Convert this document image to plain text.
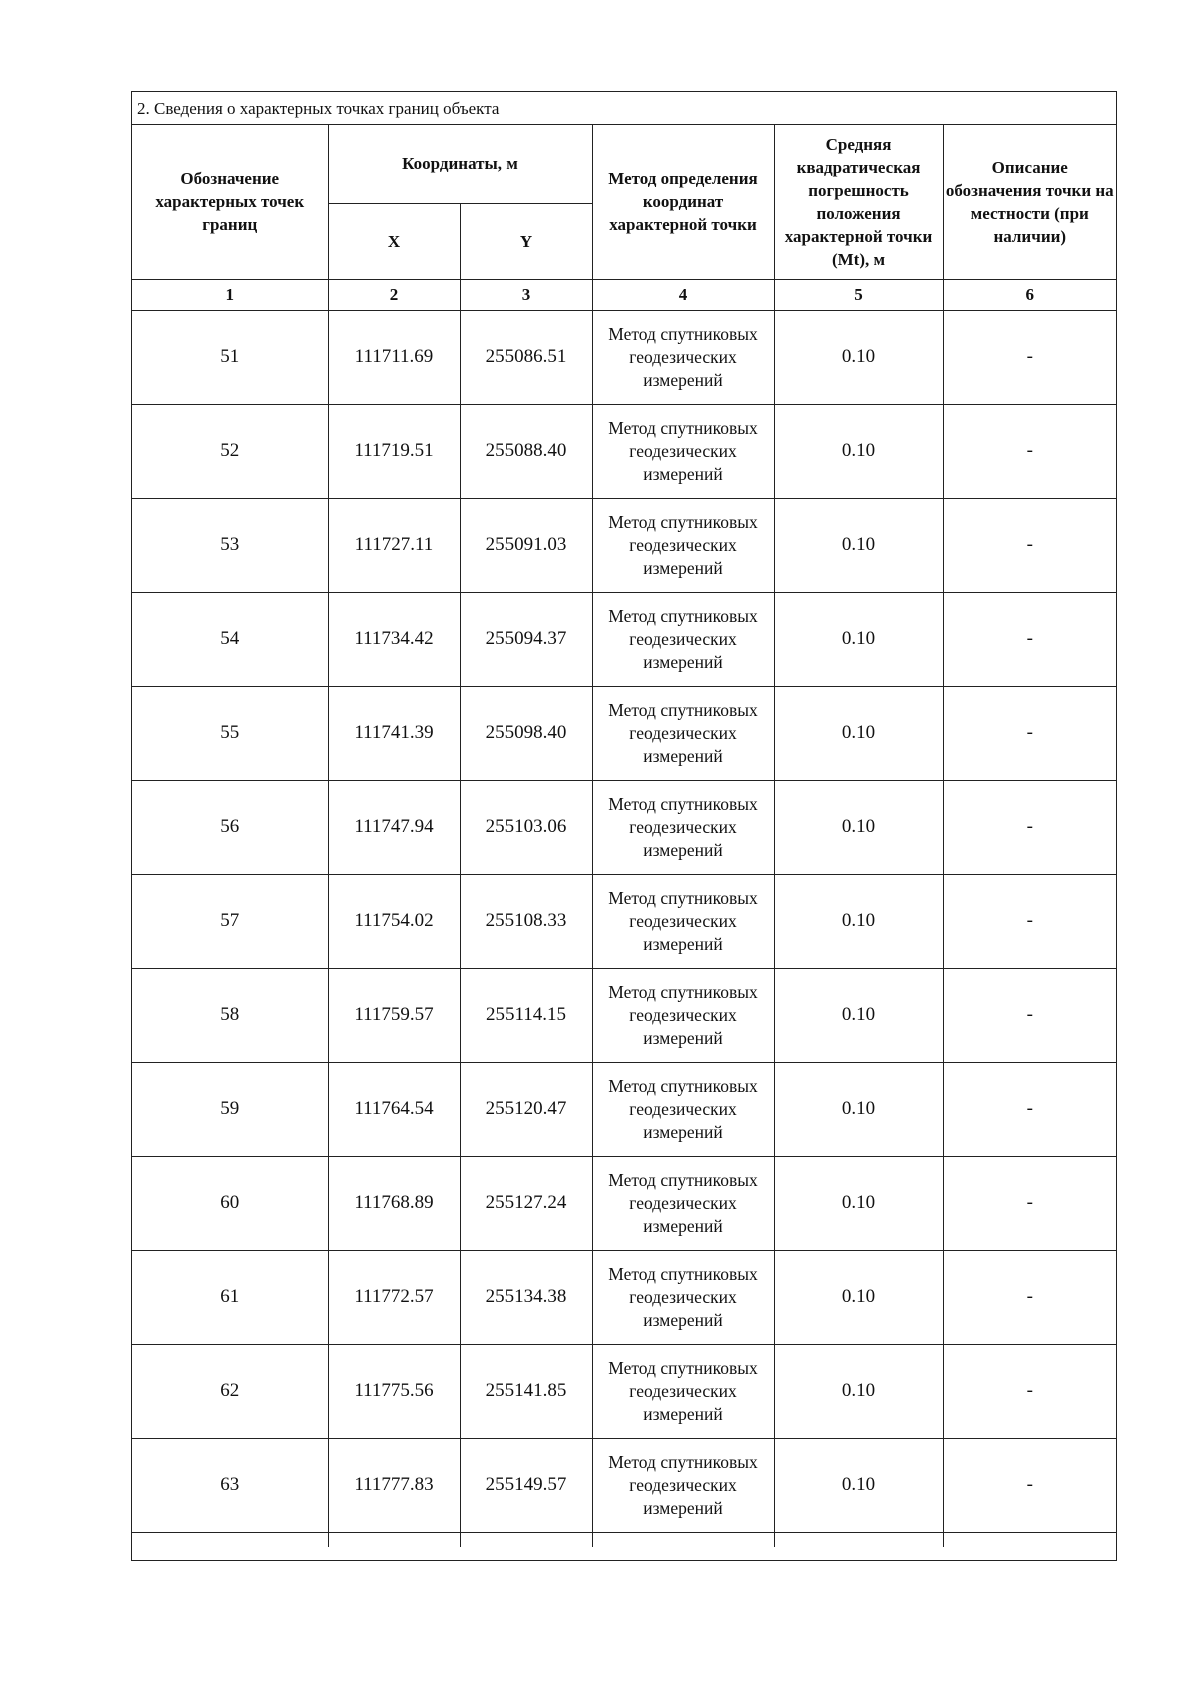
2. Сведения о характерных точках границ объекта
Обозначение характерных точек границ	Координаты, м		Метод определения координат характерной точки	Средняя квадратическая погрешность положения характерной точки (Mt), м	Описание обозначения точки на местности (при наличии)
	X	Y			
1	2	3	4	5	6
51	111711.69	255086.51	Метод спутниковых геодезических измерений	0.10	-
52	111719.51	255088.40	Метод спутниковых геодезических измерений	0.10	-
53	111727.11	255091.03	Метод спутниковых геодезических измерений	0.10	-
54	111734.42	255094.37	Метод спутниковых геодезических измерений	0.10	-
55	111741.39	255098.40	Метод спутниковых геодезических измерений	0.10	-
56	111747.94	255103.06	Метод спутниковых геодезических измерений	0.10	-
57	111754.02	255108.33	Метод спутниковых геодезических измерений	0.10	-
58	111759.57	255114.15	Метод спутниковых геодезических измерений	0.10	-
59	111764.54	255120.47	Метод спутниковых геодезических измерений	0.10	-
60	111768.89	255127.24	Метод спутниковых геодезических измерений	0.10	-
61	111772.57	255134.38	Метод спутниковых геодезических измерений	0.10	-
62	111775.56	255141.85	Метод спутниковых геодезических измерений	0.10	-
63	111777.83	255149.57	Метод спутниковых геодезических измерений	0.10	-
